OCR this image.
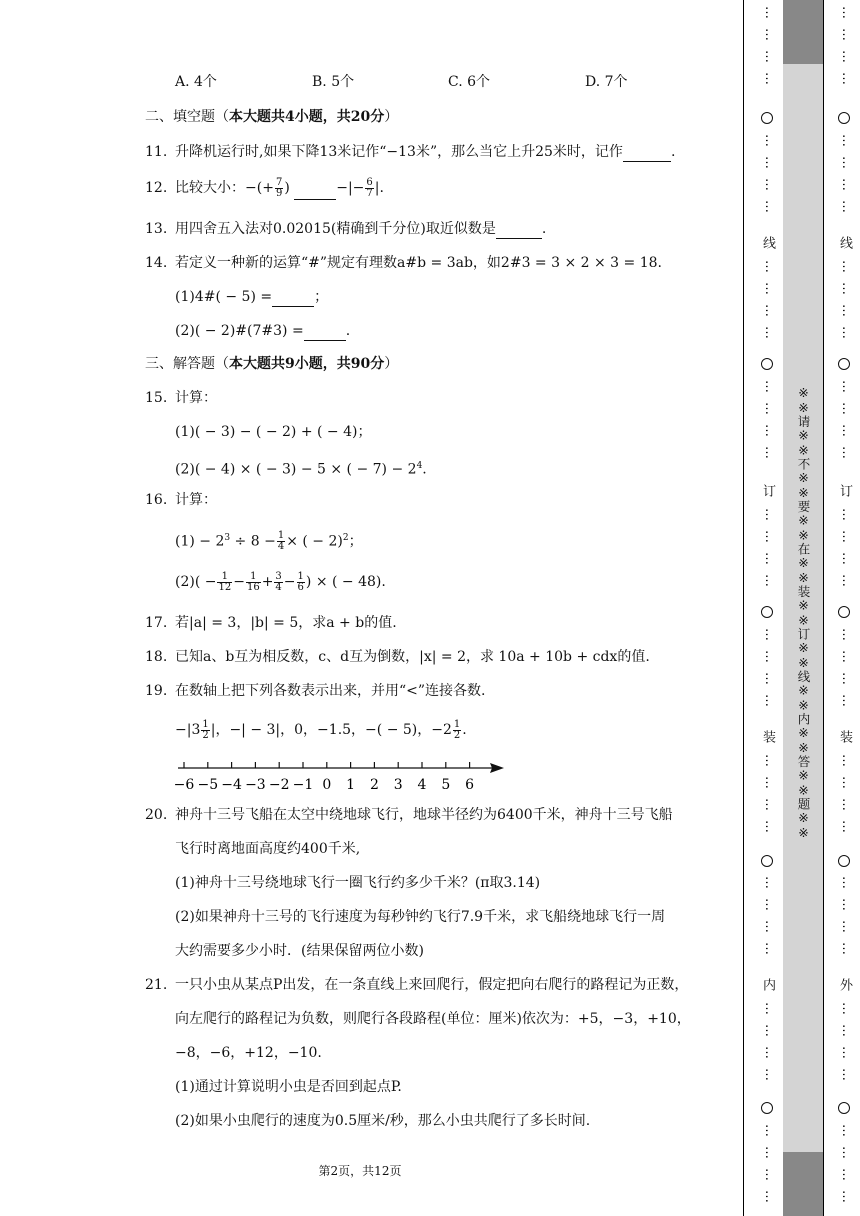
A. 4个	B. 5个	C. 6个	D. 7个
二、填空题（本大题共4小题，共20分）
11. 升降机运行时,如果下降13米记作“−13米”，那么当它上升25米时，记作	.
12. 比较大小：−(+ $\frac{7}{9}$ )	−|− $\frac{6}{7}$ |.
13. 用四舍五入法对0.02015(精确到千分位)取近似数是	.
14. 若定义一种新的运算“#”规定有理数a#b = 3ab，如2#3 = 3 × 2 × 3 = 18.
(1)4#( − 5) =	；
(2)( − 2)#(7#3) =	.
三、解答题（本大题共9小题，共90分）
15. 计算：
(1)( − 3) − ( − 2) + ( − 4)；
(2)( − 4) × ( − 3) − 5 × ( − $7) - 2^4$.
16. 计算：
$(1) - 2^3 \div 8 - \frac{1}{4}$ × ( − 2)$^2$；
$(2)( - \frac{1}{12} - \frac{1}{16} + \frac{3}{4} - \frac{1}{6}$ ) × ( − 48).
17. 若|a| = 3，|b| = 5，求a + b的值.
18. 已知a、b互为相反数，c、d互为倒数，|x| = 2，求 10a + 10b + cdx的值.
19. 在数轴上把下列各数表示出来，并用“<”连接各数.
$-|3 \frac{1}{2}$ |，−| − 3|，0，−1.5，−( − 5)，$-2 \frac{1}{2}$ .
−6 −5 −4 −3 −2 −1 0 1 2 3 4 5 6
20. 神舟十三号飞船在太空中绕地球飞行，地球半径约为6400千米，神舟十三号飞船
飞行时离地面高度约400千米,
(1)神舟十三号绕地球飞行一圈飞行约多少千米？(π取3.14)
(2)如果神舟十三号的飞行速度为每秒钟约飞行7.9千米，求飞船绕地球飞行一周
大约需要多少小时．(结果保留两位小数)
21. 一只小虫从某点P出发，在一条直线上来回爬行，假定把向右爬行的路程记为正数，
向左爬行的路程记为负数，则爬行各段路程(单位：厘米)依次为：+5，−3，+10，
−8，−6，+12，−10.
(1)通过计算说明小虫是否回到起点P.
(2)如果小虫爬行的速度为0.5厘米/秒，那么小虫共爬行了多长时间.
第2页，共12页
…
…
…
…
…
…
…
…
…
…
…
…
…
…
…
…
…
…
…
…
…
…
…
…
…
…
…
…
…
…
…
…
…
…
…
…
…
…
…
…
线
订
装
内
…
…
…
…
…
…
…
…
…
…
…
…
…
…
…
…
…
…
…
…
…
…
…
…
…
…
…
…
…
…
…
…
…
…
…
…
…
…
…
…
线
订
装
外
※※请※※不※※要※※在※※装※※订※※线※※内※※答※※题※※
